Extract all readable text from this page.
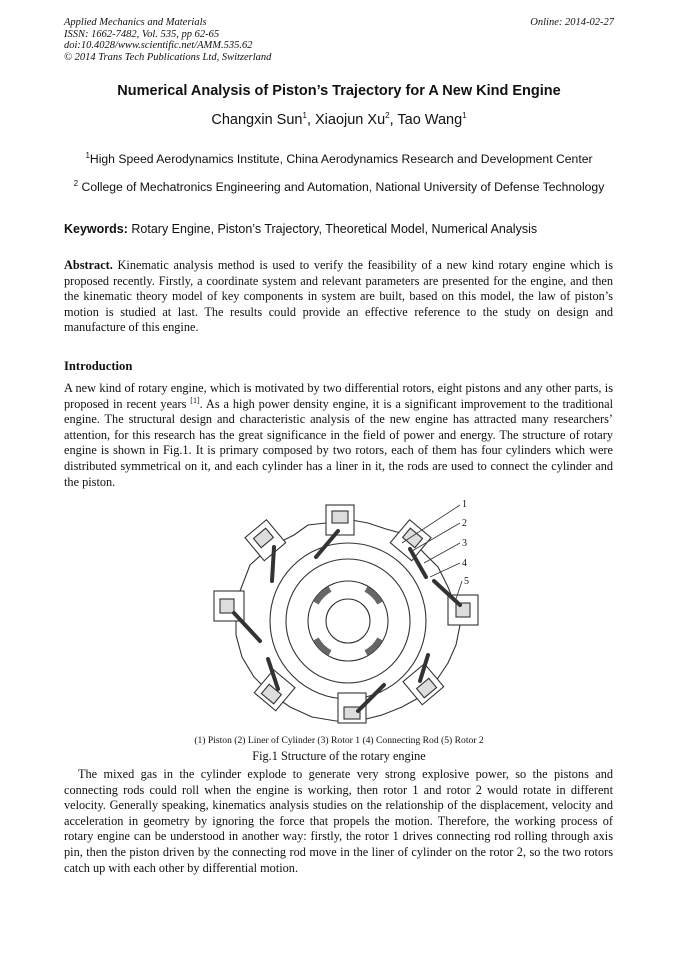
Applied Mechanics and Materials
ISSN: 1662-7482, Vol. 535, pp 62-65
doi:10.4028/www.scientific.net/AMM.535.62
© 2014 Trans Tech Publications Ltd, Switzerland
Online: 2014-02-27
Numerical Analysis of Piston’s Trajectory for A New Kind Engine
Changxin Sun$^1$, Xiaojun Xu$^2$, Tao Wang$^1$
$^1$High Speed Aerodynamics Institute, China Aerodynamics Research and Development Center
$^2$ College of Mechatronics Engineering and Automation, National University of Defense Technology
Keywords: Rotary Engine, Piston’s Trajectory, Theoretical Model, Numerical Analysis
Abstract. Kinematic analysis method is used to verify the feasibility of a new kind rotary engine which is proposed recently. Firstly, a coordinate system and relevant parameters are presented for the engine, and then the kinematic theory model of key components in system are built, based on this model, the law of piston’s motion is studied at last. The results could provide an effective reference to the study on design and manufacture of this engine.
Introduction
A new kind of rotary engine, which is motivated by two differential rotors, eight pistons and any other parts, is proposed in recent years [1]. As a high power density engine, it is a significant improvement to the traditional engine. The structural design and characteristic analysis of the new engine has attracted many researchers’ attention, for this research has the great significance in the field of power and energy. The structure of rotary engine is shown in Fig.1. It is primary composed by two rotors, each of them has four cylinders which were distributed symmetrical on it, and each cylinder has a liner in it, the rods are used to connect the cylinder and the piston.
1
2
3
4
5
(1) Piston (2) Liner of Cylinder (3) Rotor 1 (4) Connecting Rod (5) Rotor 2
Fig.1 Structure of the rotary engine
The mixed gas in the cylinder explode to generate very strong explosive power, so the pistons and connecting rods could roll when the engine is working, then rotor 1 and rotor 2 would rotate in different velocity. Generally speaking, kinematics analysis studies on the relationship of the displacement, velocity and acceleration in geometry by ignoring the force that propels the motion. Therefore, the working process of rotary engine can be understood in another way: firstly, the rotor 1 drives connecting rod rolling through axis pin, then the piston driven by the connecting rod move in the liner of cylinder on the rotor 2, so the two rotors catch up with each other by differential motion.
